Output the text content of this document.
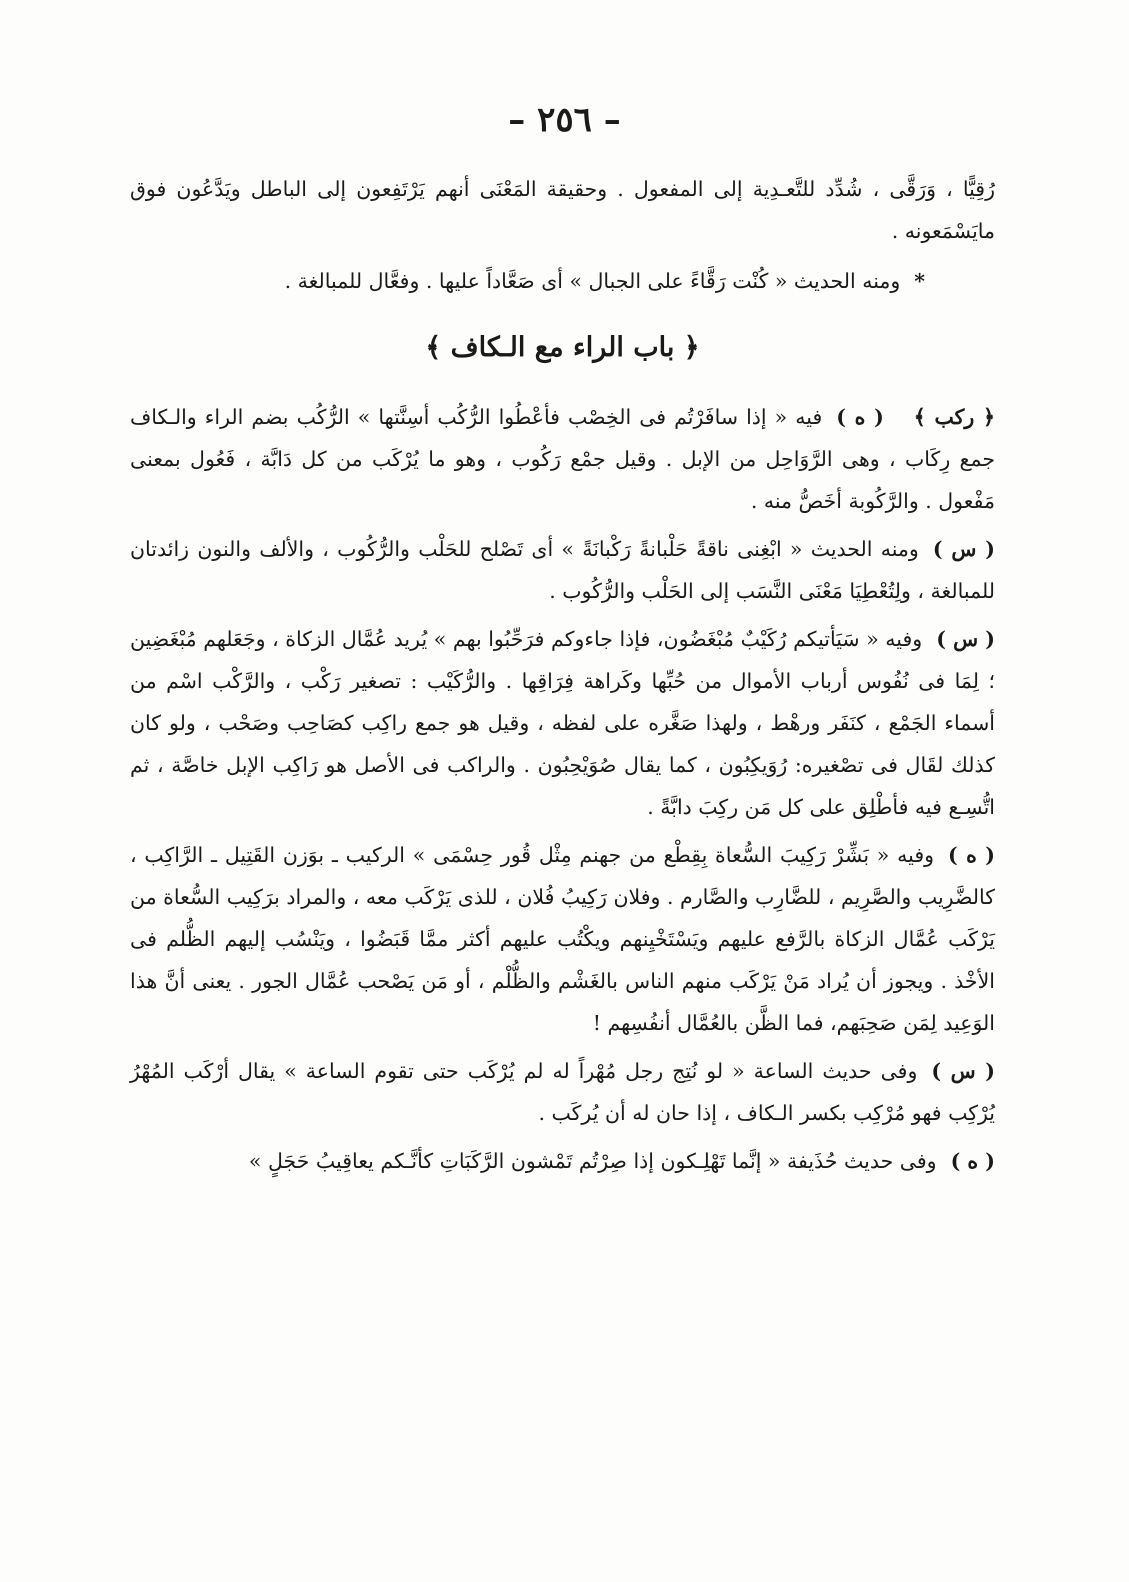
– ٢٥٦ –

رُقِيًّا ، وَرَقَّى ، شُدِّد للتَّعـدِية إلى المفعول . وحقيقة المَعْنَى أنهم يَرْتَفِعون إلى الباطل ويَدَّعُون فوق مايَسْمَعونه .

*ومنه الحديث « كُنْت رَقَّاءً على الجبال » أى صَعَّاداً عليها . وفعَّال للمبالغة .

﴿ باب الراء مع الـكاف ﴾

﴿ ركب ﴾( ه )فيه « إذا سافَرْتُم فى الخِصْب فأعْطُوا الرُّكُب أسِنَّتها » الرُّكُب بضم الراء والـكاف جمع رِكَاب ، وهى الرَّوَاحِل من الإبل . وقيل جمْع رَكُوب ، وهو ما يُرْكَب من كل دَابَّة ، فَعُول بمعنى مَفْعول . والرَّكُوبة أخَصُّ منه .

( س )ومنه الحديث « ابْغِنى ناقةً حَلْبانةً رَكْبانَةً » أى تَصْلح للحَلْب والرُّكُوب ، والألف والنون زائدتان للمبالغة ، ولِتُعْطِيَا مَعْنَى النَّسَب إلى الحَلْب والرُّكُوب .

( س )وفيه « سَيَأتيكم رُكَيْبٌ مُبْغَضُون، فإذا جاءوكم فرَحِّبُوا بهم » يُريد عُمَّال الزكاة ، وجَعَلهم مُبْغَضِين ؛ لِمَا فى نُفُوس أرباب الأموال من حُبِّها وكَراهة فِرَاقِها . والرُّكَيْب : تصغير رَكْب ، والرَّكْب اسْم من أسماء الجَمْع ، كنَفَر ورهْط ، ولهذا صَغَّره على لفظه ، وقيل هو جمع راكِب كصَاحِب وصَحْب ، ولو كان كذلك لقَال فى تصْغيره: رُوَيكِبُون ، كما يقال صُوَيْحِبُون . والراكب فى الأصل هو رَاكِب الإبل خاصَّة ، ثم اتُّسِـع فيه فأطْلِق على كل مَن ركِبَ دابَّةً .

( ه )وفيه « بَشِّرْ رَكِيبَ السُّعاة بِقِطْع من جهنم مِثْل قُور حِسْمَى » الركيب ـ بوَزن القَتِيل ـ الرَّاكِب ، كالضَّرِيب والصَّرِيم ، للضَّارِب والصَّارم . وفلان رَكِيبُ فُلان ، للذى يَرْكَب معه ، والمراد برَكِيب السُّعاة من يَرْكَب عُمَّال الزكاة بالرَّفع عليهم ويَسْتَخْيِنهم ويكْتُب عليهم أكثر ممَّا قَبَضُوا ، ويَنْسُب إليهم الظُّلم فى الأخْذ . ويجوز أن يُراد مَنْ يَرْكَب منهم الناس بالغَشْم والظُّلْم ، أو مَن يَصْحب عُمَّال الجور . يعنى أنَّ هذا الوَعِيد لِمَن صَحِبَهم، فما الظَّن بالعُمَّال أنفُسِهم !

( س )وفى حديث الساعة « لو نُتِج رجل مُهْراً له لم يُرْكَب حتى تقوم الساعة » يقال أرْكَب المُهْرُ يُرْكِب فهو مُرْكِب بكسر الـكاف ، إذا حان له أن يُركَب .

( ه )وفى حديث حُذَيفة « إنَّما تَهْلِـكون إذا صِرْتُم تَمْشون الرَّكَبَاتِ كأنَّـكم يعاقِيبُ حَجَلٍ »
